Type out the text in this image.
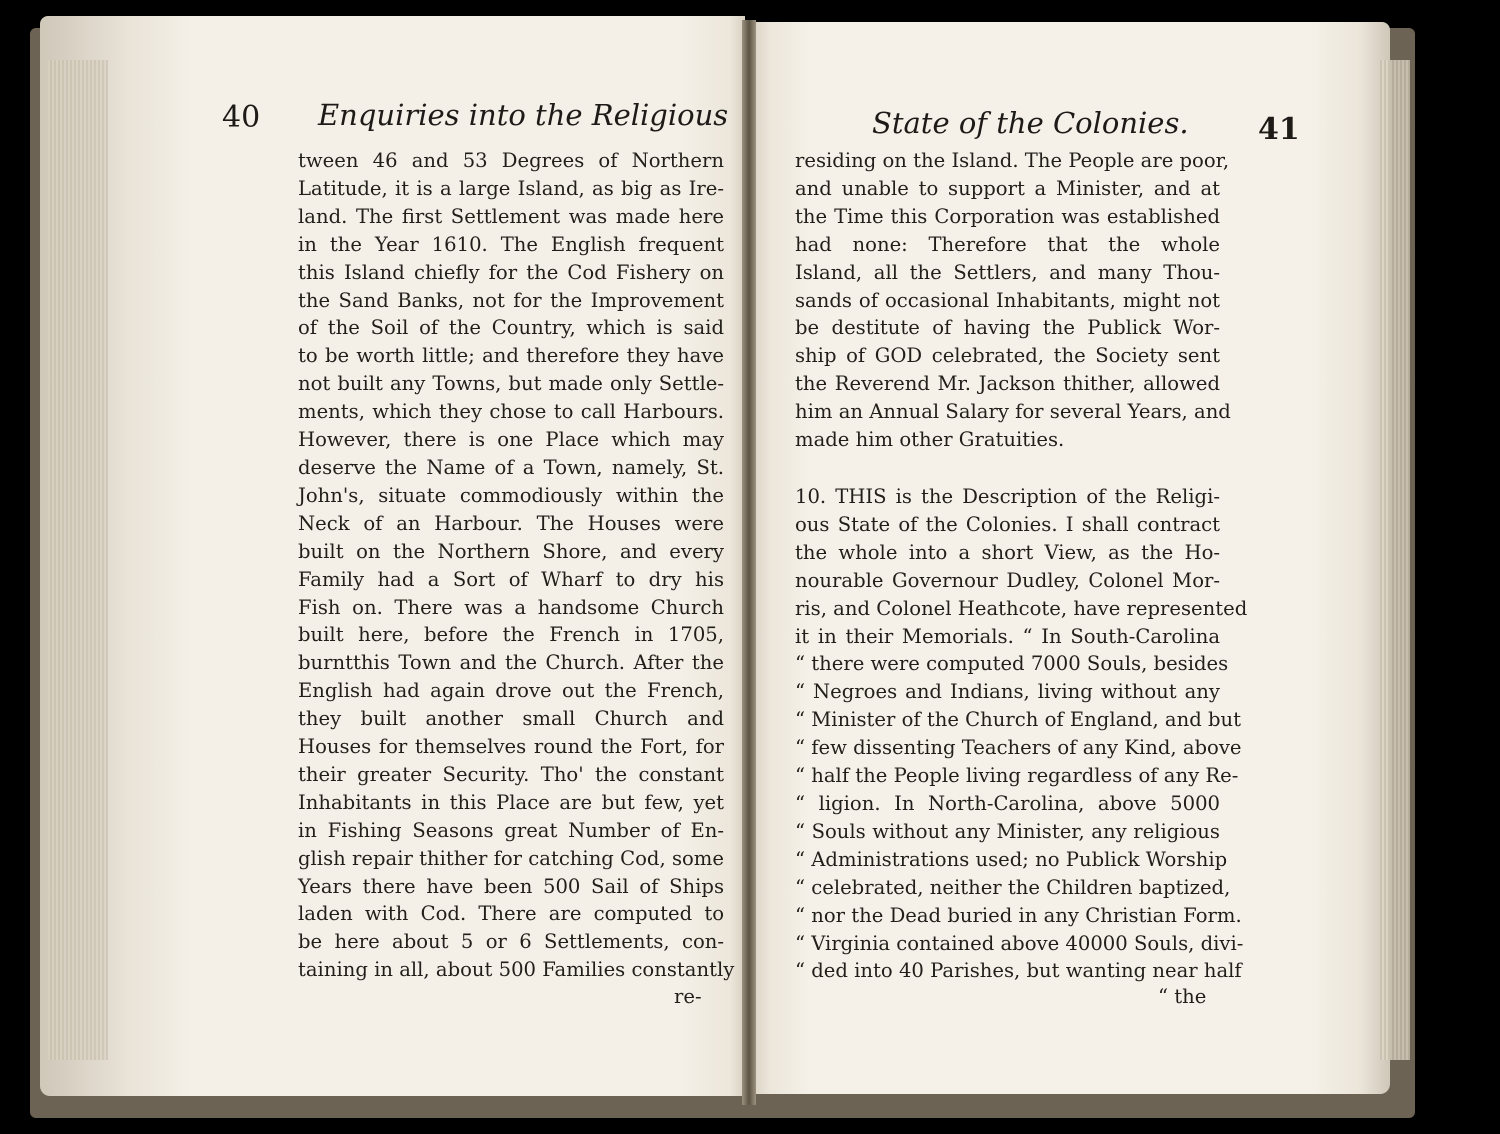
40 Enquiries into the Religious
tween 46 and 53 Degrees of Northern
Latitude, it is a large Island, as big as Ire-
land. The first Settlement was made here
in the Year 1610. The English frequent
this Island chiefly for the Cod Fishery on
the Sand Banks, not for the Improvement
of the Soil of the Country, which is said
to be worth little; and therefore they have
not built any Towns, but made only Settle-
ments, which they chose to call Harbours.
However, there is one Place which may
deserve the Name of a Town, namely, St.
John's, situate commodiously within the
Neck of an Harbour. The Houses were
built on the Northern Shore, and every
Family had a Sort of Wharf to dry his
Fish on. There was a handsome Church
built here, before the French in 1705,
burntthis Town and the Church. After the
English had again drove out the French,
they built another small Church and
Houses for themselves round the Fort, for
their greater Security. Tho' the constant
Inhabitants in this Place are but few, yet
in Fishing Seasons great Number of En-
glish repair thither for catching Cod, some
Years there have been 500 Sail of Ships
laden with Cod. There are computed to
be here about 5 or 6 Settlements, con-
taining in all, about 500 Families constantly
re-
State of the Colonies. 41
residing on the Island. The People are poor,
and unable to support a Minister, and at
the Time this Corporation was established
had none: Therefore that the whole
Island, all the Settlers, and many Thou-
sands of occasional Inhabitants, might not
be destitute of having the Publick Wor-
ship of GOD celebrated, the Society sent
the Reverend Mr. Jackson thither, allowed
him an Annual Salary for several Years, and
made him other Gratuities.
10. THIS is the Description of the Religi-
ous State of the Colonies. I shall contract
the whole into a short View, as the Ho-
nourable Governour Dudley, Colonel Mor-
ris, and Colonel Heathcote, have represented
it in their Memorials. “ In South-Carolina
“ there were computed 7000 Souls, besides
“ Negroes and Indians, living without any
“ Minister of the Church of England, and but
“ few dissenting Teachers of any Kind, above
“ half the People living regardless of any Re-
“ ligion. In North-Carolina, above 5000
“ Souls without any Minister, any religious
“ Administrations used; no Publick Worship
“ celebrated, neither the Children baptized,
“ nor the Dead buried in any Christian Form.
“ Virginia contained above 40000 Souls, divi-
“ ded into 40 Parishes, but wanting near half
“ the
